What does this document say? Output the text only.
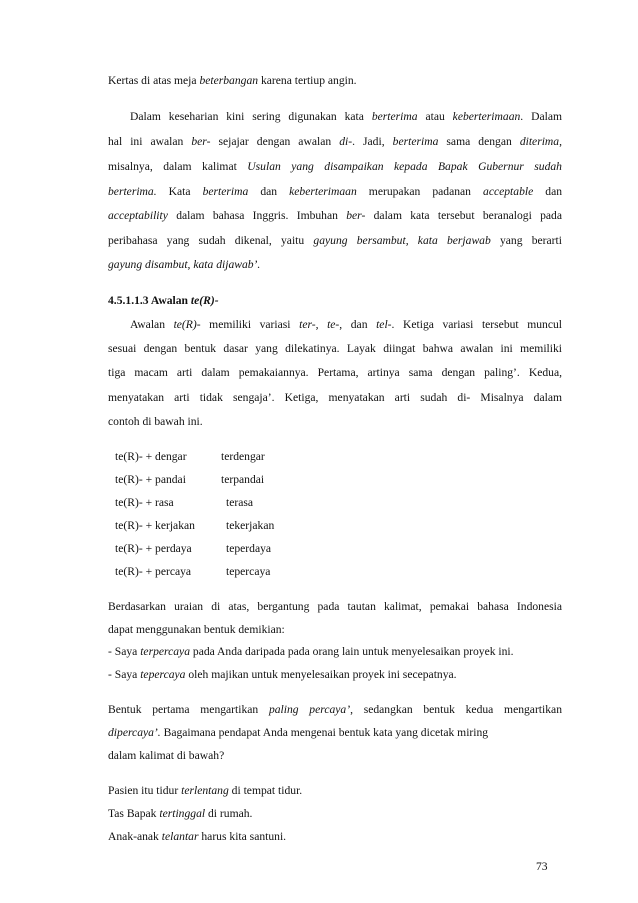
Kertas di atas meja beterbangan karena tertiup angin.
Dalam keseharian kini sering digunakan kata berterima atau keberterimaan. Dalam
hal ini awalan ber- sejajar dengan awalan di-. Jadi, berterima sama dengan diterima,
misalnya, dalam kalimat Usulan yang disampaikan kepada Bapak Gubernur sudah
berterima. Kata berterima dan keberterimaan merupakan padanan acceptable dan
acceptability dalam bahasa Inggris. Imbuhan ber- dalam kata tersebut beranalogi pada
peribahasa yang sudah dikenal, yaitu gayung bersambut, kata berjawab yang berarti
gayung disambut, kata dijawab’.
4.5.1.1.3 Awalan te(R)-
Awalan te(R)- memiliki variasi ter-, te-, dan tel-. Ketiga variasi tersebut muncul
sesuai dengan bentuk dasar yang dilekatinya. Layak diingat bahwa awalan ini memiliki
tiga macam arti dalam pemakaiannya. Pertama, artinya sama dengan paling’. Kedua,
menyatakan arti tidak sengaja’. Ketiga, menyatakan arti sudah di- Misalnya dalam
contoh di bawah ini.
te(R)- + dengar	terdengar
te(R)- + pandai	terpandai
te(R)- + rasa	terasa
te(R)- + kerjakan	tekerjakan
te(R)- + perdaya	teperdaya
te(R)- + percaya	tepercaya
Berdasarkan uraian di atas, bergantung pada tautan kalimat, pemakai bahasa Indonesia
dapat menggunakan bentuk demikian:
- Saya terpercaya pada Anda daripada pada orang lain untuk menyelesaikan proyek ini.
- Saya tepercaya oleh majikan untuk menyelesaikan proyek ini secepatnya.
Bentuk pertama mengartikan paling percaya’, sedangkan bentuk kedua mengartikan
dipercaya’. Bagaimana pendapat Anda mengenai bentuk kata yang dicetak miring
dalam kalimat di bawah?
Pasien itu tidur terlentang di tempat tidur.
Tas Bapak tertinggal di rumah.
Anak-anak telantar harus kita santuni.
73
